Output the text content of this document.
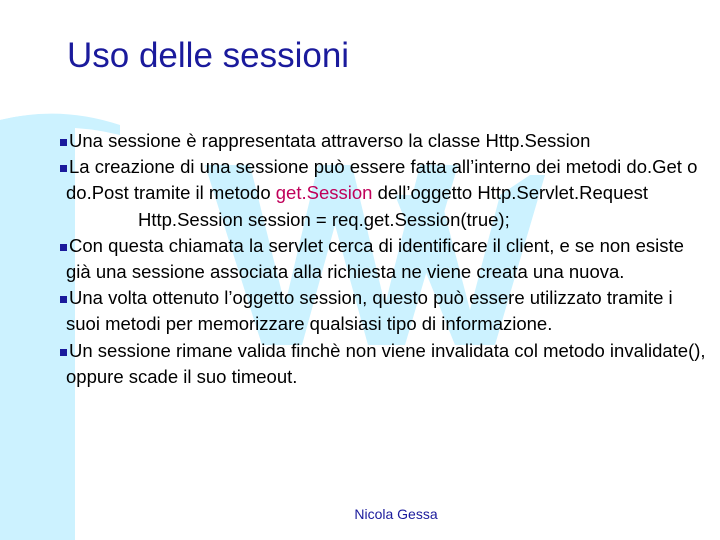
Uso delle sessioni

Una sessione è rappresentata attraverso la classe Http.Session

La creazione di una sessione può essere fatta all’interno dei metodi do.Get o do.Post tramite il metodo get.Session dell’oggetto Http.Servlet.Request

Http.Session session = req.get.Session(true);

Con questa chiamata la servlet cerca di identificare il client, e se non esiste già una sessione associata alla richiesta ne viene creata una nuova.

Una volta ottenuto l’oggetto session, questo può essere utilizzato tramite i suoi metodi per memorizzare qualsiasi tipo di informazione.

Un sessione rimane valida finchè non viene invalidata col metodo invalidate(), oppure scade il suo timeout.

Nicola Gessa
